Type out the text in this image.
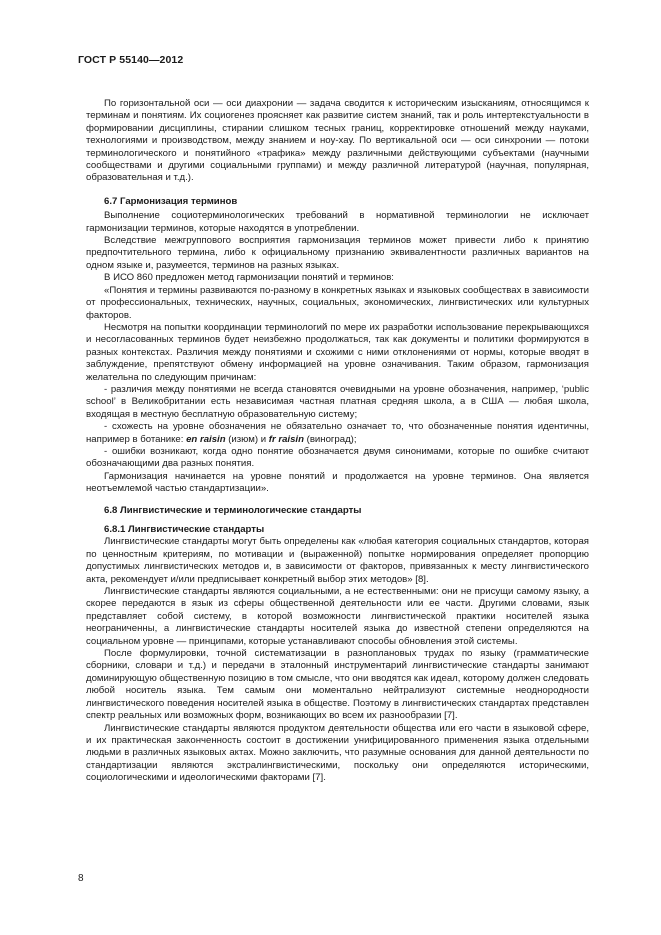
ГОСТ Р 55140—2012

По горизонтальной оси — оси диахронии — задача сводится к историческим изысканиям, относящимся к терминам и понятиям. Их социогенез проясняет как развитие систем знаний, так и роль интертекстуальности в формировании дисциплины, стирании слишком тесных границ, корректировке отношений между науками, технологиями и производством, между знанием и ноу-хау. По вертикальной оси — оси синхронии — потоки терминологического и понятийного «трафика» между различными действующими субъектами (научными сообществами и другими социальными группами) и между различной литературой (научная, популярная, образовательная и т.д.).

6.7 Гармонизация терминов

Выполнение социотерминологических требований в нормативной терминологии не исключает гармонизации терминов, которые находятся в употреблении.

Вследствие межгруппового восприятия гармонизация терминов может привести либо к принятию предпочтительного термина, либо к официальному признанию эквивалентности различных вариантов на одном языке и, разумеется, терминов на разных языках.

В ИСО 860 предложен метод гармонизации понятий и терминов:

«Понятия и термины развиваются по-разному в конкретных языках и языковых сообществах в зависимости от профессиональных, технических, научных, социальных, экономических, лингвистических или культурных факторов.

Несмотря на попытки координации терминологий по мере их разработки использование перекрывающихся и несогласованных терминов будет неизбежно продолжаться, так как документы и политики формируются в разных контекстах. Различия между понятиями и схожими с ними отклонениями от нормы, которые вводят в заблуждение, препятствуют обмену информацией на уровне означивания. Таким образом, гармонизация желательна по следующим причинам:

- различия между понятиями не всегда становятся очевидными на уровне обозначения, например, ‘public school’ в Великобритании есть независимая частная платная средняя школа, а в США — любая школа, входящая в местную бесплатную образовательную систему;

- схожесть на уровне обозначения не обязательно означает то, что обозначенные понятия идентичны, например в ботанике: en raisin (изюм) и fr raisin (виноград);

- ошибки возникают, когда одно понятие обозначается двумя синонимами, которые по ошибке считают обозначающими два разных понятия.

Гармонизация начинается на уровне понятий и продолжается на уровне терминов. Она является неотъемлемой частью стандартизации».

6.8 Лингвистические и терминологические стандарты
6.8.1 Лингвистические стандарты

Лингвистические стандарты могут быть определены как «любая категория социальных стандартов, которая по ценностным критериям, по мотивации и (выраженной) попытке нормирования определяет пропорцию допустимых лингвистических методов и, в зависимости от факторов, привязанных к месту лингвистического акта, рекомендует и/или предписывает конкретный выбор этих методов» [8].

Лингвистические стандарты являются социальными, а не естественными: они не присущи самому языку, а скорее передаются в язык из сферы общественной деятельности или ее части. Другими словами, язык представляет собой систему, в которой возможности лингвистической практики носителей языка неограниченны, а лингвистические стандарты носителей языка до известной степени определяются на социальном уровне — принципами, которые устанавливают способы обновления этой системы.

После формулировки, точной систематизации в разноплановых трудах по языку (грамматические сборники, словари и т.д.) и передачи в эталонный инструментарий лингвистические стандарты занимают доминирующую общественную позицию в том смысле, что они вводятся как идеал, которому должен следовать любой носитель языка. Тем самым они моментально нейтрализуют системные неоднородности лингвистического поведения носителей языка в обществе. Поэтому в лингвистических стандартах представлен спектр реальных или возможных форм, возникающих во всем их разнообразии [7].

Лингвистические стандарты являются продуктом деятельности общества или его части в языковой сфере, и их практическая законченность состоит в достижении унифицированного применения языка отдельными людьми в различных языковых актах. Можно заключить, что разумные основания для данной деятельности по стандартизации являются экстралингвистическими, поскольку они определяются историческими, социологическими и идеологическими факторами [7].

8
